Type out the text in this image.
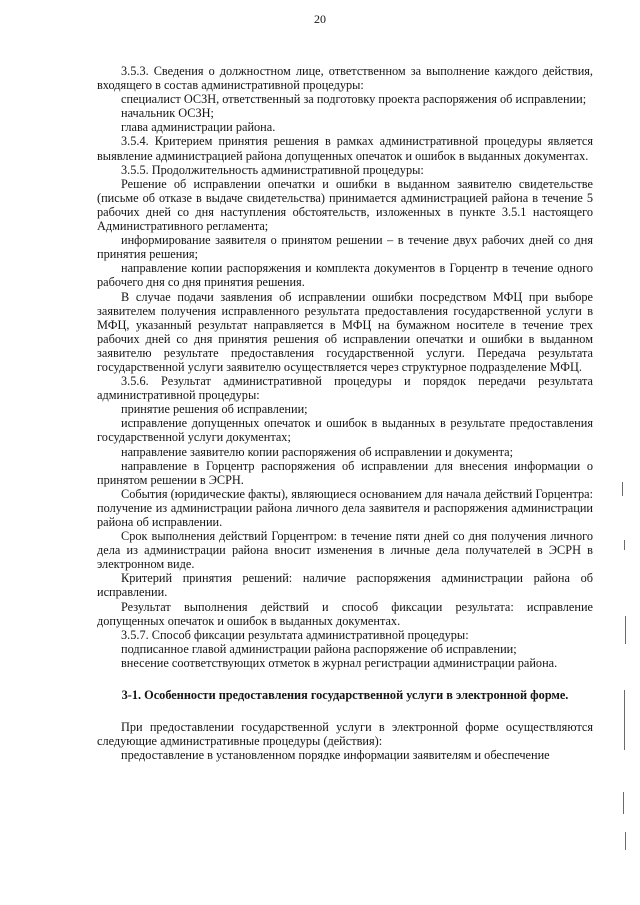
20

3.5.3. Сведения о должностном лице, ответственном за выполнение каждого действия, входящего в состав административной процедуры:

специалист ОСЗН, ответственный за подготовку проекта распоряжения об исправлении;

начальник ОСЗН;

глава администрации района.

3.5.4. Критерием принятия решения в рамках административной процедуры является выявление администрацией района допущенных опечаток и ошибок в выданных документах.

3.5.5. Продолжительность административной процедуры:

Решение об исправлении опечатки и ошибки в выданном заявителю свидетельстве (письме об отказе в выдаче свидетельства) принимается администрацией района в течение 5 рабочих дней со дня наступления обстоятельств, изложенных в пункте 3.5.1 настоящего Административного регламента;

информирование заявителя о принятом решении – в течение двух рабочих дней со дня принятия решения;

направление копии распоряжения и комплекта документов в Горцентр в течение одного рабочего дня со дня принятия решения.

В случае подачи заявления об исправлении ошибки посредством МФЦ при выборе заявителем получения исправленного результата предоставления государственной услуги в МФЦ, указанный результат направляется в МФЦ на бумажном носителе в течение трех рабочих дней со дня принятия решения об исправлении опечатки и ошибки в выданном заявителю результате предоставления государственной услуги. Передача результата государственной услуги заявителю осуществляется через структурное подразделение МФЦ.

3.5.6. Результат административной процедуры и порядок передачи результата административной процедуры:

принятие решения об исправлении;

исправление допущенных опечаток и ошибок в выданных в результате предоставления государственной услуги документах;

направление заявителю копии распоряжения об исправлении и документа;

направление в Горцентр распоряжения об исправлении для внесения информации о принятом решении в ЭСРН.

События (юридические факты), являющиеся основанием для начала действий Горцентра: получение из администрации района личного дела заявителя и распоряжения администрации района об исправлении.

Срок выполнения действий Горцентром: в течение пяти дней со дня получения личного дела из администрации района вносит изменения в личные дела получателей в ЭСРН в электронном виде.

Критерий принятия решений: наличие распоряжения администрации района об исправлении.

Результат выполнения действий и способ фиксации результата: исправление допущенных опечаток и ошибок в выданных документах.

3.5.7. Способ фиксации результата административной процедуры:

подписанное главой администрации района распоряжение об исправлении;

внесение соответствующих отметок в журнал регистрации администрации района.

3-1. Особенности предоставления государственной услуги в электронной форме.

При предоставлении государственной услуги в электронной форме осуществляются следующие административные процедуры (действия):

предоставление в установленном порядке информации заявителям и обеспечение
